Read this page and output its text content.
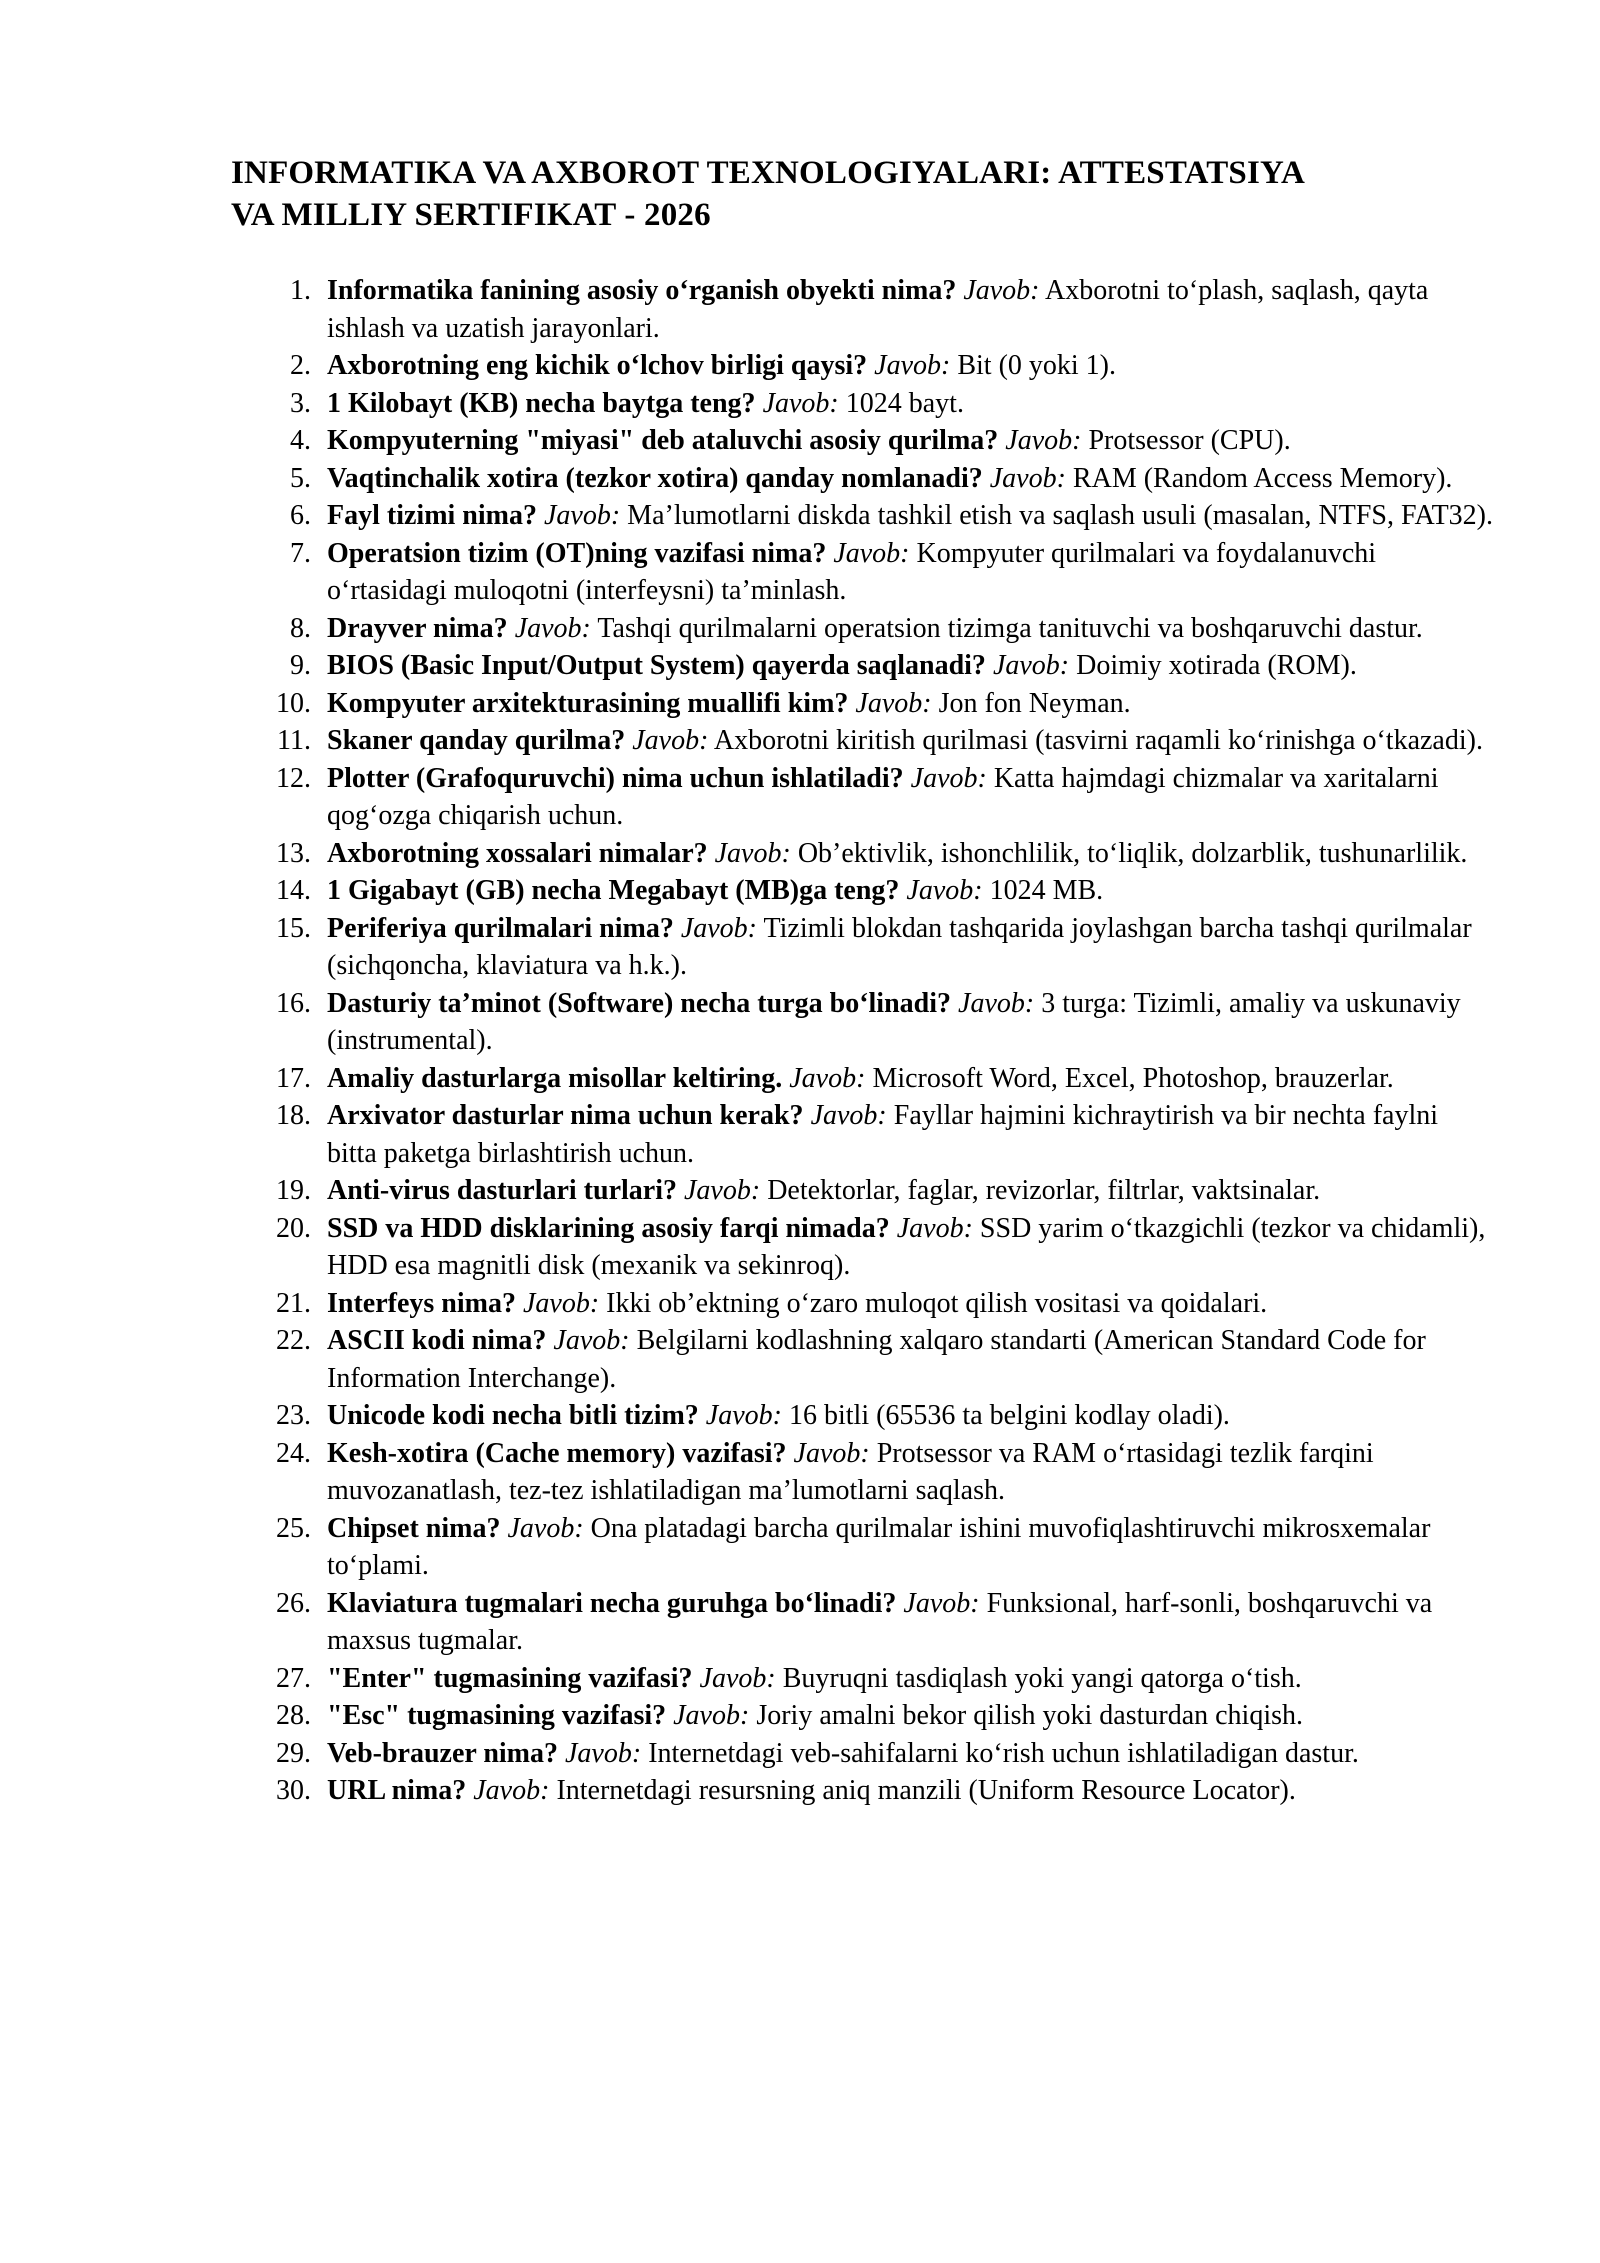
INFORMATIKA VA AXBOROT TEXNOLOGIYALARI: ATTESTATSIYA
VA MILLIY SERTIFIKAT - 2026
1. Informatika fanining asosiy o‘rganish obyekti nima? Javob: Axborotni to‘plash, saqlash, qayta ishlash va uzatish jarayonlari.
2. Axborotning eng kichik o‘lchov birligi qaysi? Javob: Bit (0 yoki 1).
3. 1 Kilobayt (KB) necha baytga teng? Javob: 1024 bayt.
4. Kompyuterning "miyasi" deb ataluvchi asosiy qurilma? Javob: Protsessor (CPU).
5. Vaqtinchalik xotira (tezkor xotira) qanday nomlanadi? Javob: RAM (Random Access Memory).
6. Fayl tizimi nima? Javob: Ma’lumotlarni diskda tashkil etish va saqlash usuli (masalan, NTFS, FAT32).
7. Operatsion tizim (OT)ning vazifasi nima? Javob: Kompyuter qurilmalari va foydalanuvchi o‘rtasidagi muloqotni (interfeysni) ta’minlash.
8. Drayver nima? Javob: Tashqi qurilmalarni operatsion tizimga tanituvchi va boshqaruvchi dastur.
9. BIOS (Basic Input/Output System) qayerda saqlanadi? Javob: Doimiy xotirada (ROM).
10. Kompyuter arxitekturasining muallifi kim? Javob: Jon fon Neyman.
11. Skaner qanday qurilma? Javob: Axborotni kiritish qurilmasi (tasvirni raqamli ko‘rinishga o‘tkazadi).
12. Plotter (Grafoquruvchi) nima uchun ishlatiladi? Javob: Katta hajmdagi chizmalar va xaritalarni qog‘ozga chiqarish uchun.
13. Axborotning xossalari nimalar? Javob: Ob’ektivlik, ishonchlilik, to‘liqlik, dolzarblik, tushunarlilik.
14. 1 Gigabayt (GB) necha Megabayt (MB)ga teng? Javob: 1024 MB.
15. Periferiya qurilmalari nima? Javob: Tizimli blokdan tashqarida joylashgan barcha tashqi qurilmalar (sichqoncha, klaviatura va h.k.).
16. Dasturiy ta’minot (Software) necha turga bo‘linadi? Javob: 3 turga: Tizimli, amaliy va uskunaviy (instrumental).
17. Amaliy dasturlarga misollar keltiring. Javob: Microsoft Word, Excel, Photoshop, brauzerlar.
18. Arxivator dasturlar nima uchun kerak? Javob: Fayllar hajmini kichraytirish va bir nechta faylni bitta paketga birlashtirish uchun.
19. Anti-virus dasturlari turlari? Javob: Detektorlar, faglar, revizorlar, filtrlar, vaktsinalar.
20. SSD va HDD disklarining asosiy farqi nimada? Javob: SSD yarim o‘tkazgichli (tezkor va chidamli), HDD esa magnitli disk (mexanik va sekinroq).
21. Interfeys nima? Javob: Ikki ob’ektning o‘zaro muloqot qilish vositasi va qoidalari.
22. ASCII kodi nima? Javob: Belgilarni kodlashning xalqaro standarti (American Standard Code for Information Interchange).
23. Unicode kodi necha bitli tizim? Javob: 16 bitli (65536 ta belgini kodlay oladi).
24. Kesh-xotira (Cache memory) vazifasi? Javob: Protsessor va RAM o‘rtasidagi tezlik farqini muvozanatlash, tez-tez ishlatiladigan ma’lumotlarni saqlash.
25. Chipset nima? Javob: Ona platadagi barcha qurilmalar ishini muvofiqlashtiruvchi mikrosxemalar to‘plami.
26. Klaviatura tugmalari necha guruhga bo‘linadi? Javob: Funksional, harf-sonli, boshqaruvchi va maxsus tugmalar.
27. "Enter" tugmasining vazifasi? Javob: Buyruqni tasdiqlash yoki yangi qatorga o‘tish.
28. "Esc" tugmasining vazifasi? Javob: Joriy amalni bekor qilish yoki dasturdan chiqish.
29. Veb-brauzer nima? Javob: Internetdagi veb-sahifalarni ko‘rish uchun ishlatiladigan dastur.
30. URL nima? Javob: Internetdagi resursning aniq manzili (Uniform Resource Locator).
